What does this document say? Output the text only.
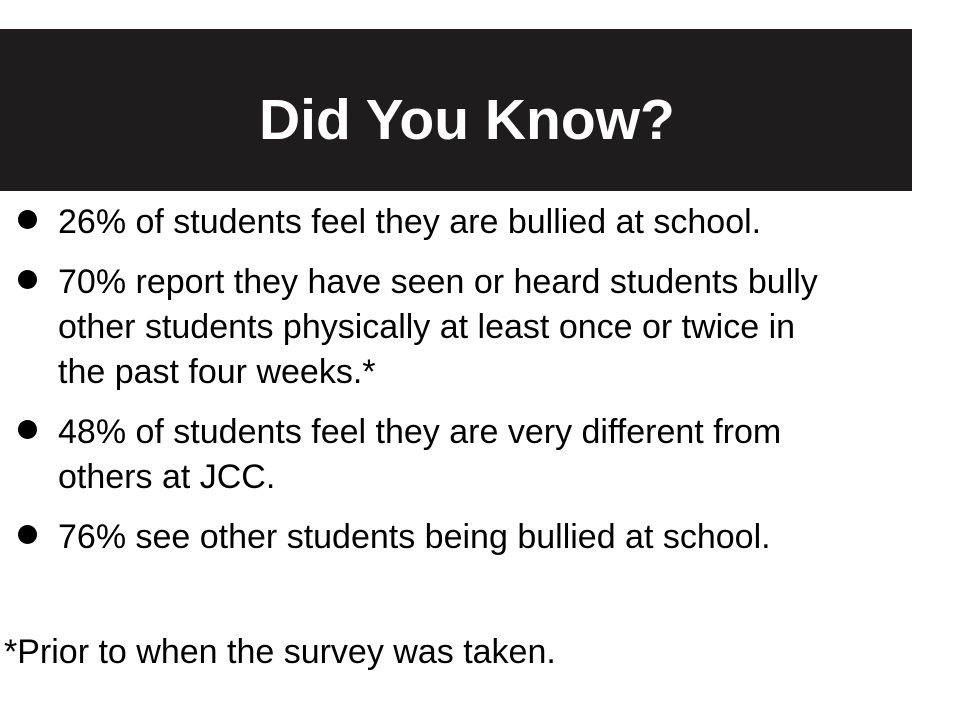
Did You Know?
26% of students feel they are bullied at school.
70% report they have seen or heard students bully
other students physically at least once or twice in
the past four weeks.*
48% of students feel they are very different from
others at JCC.
76% see other students being bullied at school.
*Prior to when the survey was taken.
